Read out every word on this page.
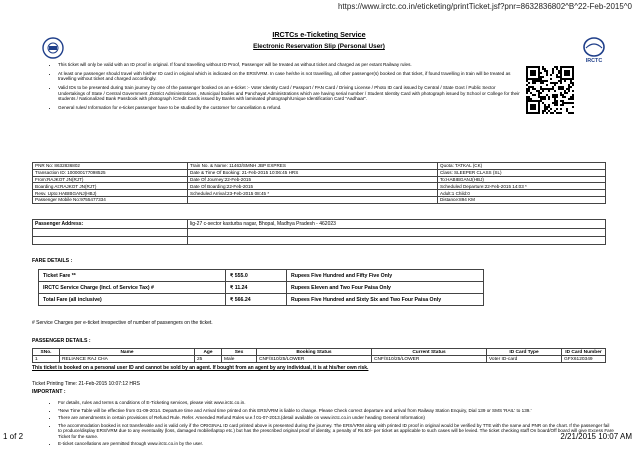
https://www.irctc.co.in/eticketing/printTicket.jsf?pnr=8632836802^B^22-Feb-2015^0
IRCTCs e-Ticketing Service
Electronic Reservation Slip (Personal User)
IRCTC
• This ticket will only be valid with an ID proof in original. If found travelling without ID Proof, Passenger will be treated as without ticket and charged as per extant Railway rules.
• At least one passenger should travel with his/her ID card in original which is indicated on the ERS/VRM. In case he/she is not travelling, all other passenger(s) booked on that ticket, if found travelling in train will be treated as travelling without ticket and charged accordingly.
• Valid IDs to be presented during train journey by one of the passenger booked on an e-ticket :- Voter Identity Card / Passport / PAN Card / Driving License / Photo ID card issued by Central / State Govt / Public Sector Undertakings of State / Central Government ,District Administrations , Municipal bodies and Panchayat Administrations which are having serial number / Student Identity Card with photograph issued by School or College for their students / Nationalized Bank Passbook with photograph /Credit Cards issued by Banks with laminated photograph/Unique Identification Card "Aadhaar".
• General rules/ Information for e-ticket passenger have to be studied by the customer for cancellation & refund.
PNR No: 8632836802	Train No. & Name: 11463/SMNH JBP EXPRES	Quota: TATKAL (CK)
Transaction ID: 100000177098525	Date & Time Of Booking: 21-Feb-2015 10:06:45 HRS	Class: SLEEPER CLASS (SL)
From:RAJKOT JN(RJT)	Date Of Journey:22-Feb-2015	To:HABIBGANJ(HBJ)
Boarding At:RAJKOT JN(RJT)	Date Of Boarding:22-Feb-2015	Scheduled Departure:22-Feb-2015 14:03 *
Resv. Upto:HABIBGANJ(HBJ)	Scheduled Arrival:23-Feb-2015 08:45 *	Adult:1 Child:0
Passenger Mobile No:9755477334		Distance:894 KM
Passenger Address:	lig-27 c-sector kasturba nagar, Bhopal, Madhya Pradesh - 462023

FARE DETAILS :
Ticket Fare **	₹ 555.0	Rupees Five Hundred and Fifty Five Only
IRCTC Service Charge (Incl. of Service Tax) #	₹ 11.24	Rupees Eleven and Two Four Paisa Only
Total Fare (all inclusive)	₹ 566.24	Rupees Five Hundred and Sixty Six and Two Four Paisa Only
# Service Charges per e-ticket irrespective of number of passengers on the ticket.
PASSENGER DETAILS :
SNo.	Name	Age	Sex	Booking Status	Current Status	ID Card Type	ID Card Number
1	RELIANCE RAJ CHA	25	Male	CNF/S10/25/LOWER	CNF/S10/25/LOWER	Voter ID-card	GFX6120349
This ticket is booked on a personal user ID and cannot be sold by an agent. If bought from an agent by any individual, it is at his/her own risk.
Ticket Printing Time: 21-Feb-2015 10:07:12 HRS
IMPORTANT :
• For details, rules and terms & conditions of E-Ticketing services, please visit www.irctc.co.in.
• *New Time Table will be effective from 01-09-2014. Departure time and Arrival time printed on this ERS/VRM is liable to change. Please Check correct departure and arrival from Railway Station Enquiry, Dial 139 or SMS 'RAIL' to 139.'
• There are amendments in certain provisions of Refund Rule. Refer. Amended Refund Rules w.e.f 01-07-2013.(detail available on www.irctc.co.in under heading General Information)
• The accommodation booked is not transferable and is valid only if the ORIGINAL ID card printed above is presented during the journey. The ERS/VRM along with printed ID proof in original would be verified by TTE with the name and PNR on the chart. If the passenger fail to produce/display ERS/VRM due to any eventuality (loss, damaged mobile/laptop etc.) but has the prescribed original proof of identity, a penalty of Rs.50/- per ticket as applicable to such cases will be levied. The ticket checking staff On board/Off board will give Excess Fare Ticket for the same.
• E-ticket cancellations are permitted through www.irctc.co.in by the user.
1 of 2	2/21/2015 10:07 AM
